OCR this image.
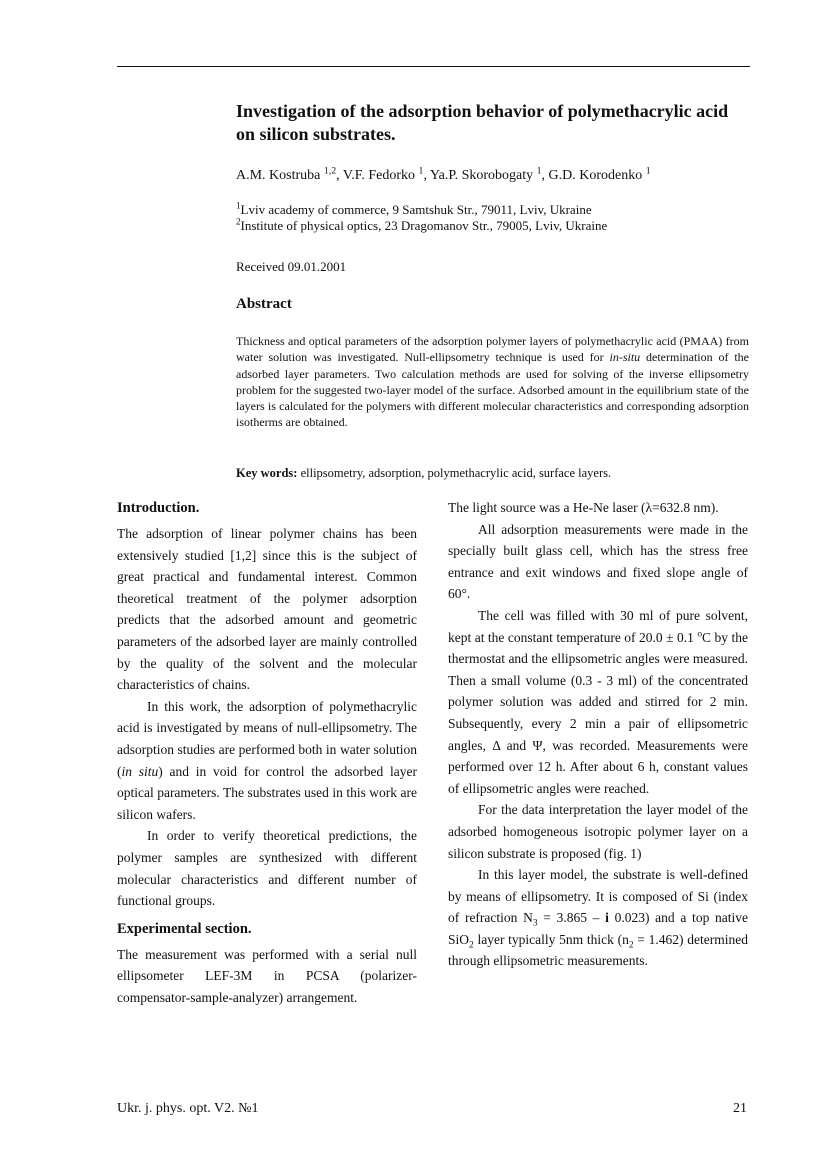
Investigation of the adsorption behavior of polymethacrylic acid on silicon substrates.
A.M. Kostruba $^{1,2}$, V.F. Fedorko $^1$, Ya.P. Skorobogaty $^1$, G.D. Korodenko $^1$
$^1$Lviv academy of commerce, 9 Samtshuk Str., 79011, Lviv, Ukraine
$^2$Institute of physical optics, 23 Dragomanov Str., 79005, Lviv, Ukraine
Received 09.01.2001
Abstract

Thickness and optical parameters of the adsorption polymer layers of polymethacrylic acid (PMAA) from water solution was investigated. Null-ellipsometry technique is used for in-situ determination of the adsorbed layer parameters. Two calculation methods are used for solving of the inverse ellipsometry problem for the suggested two-layer model of the surface. Adsorbed amount in the equilibrium state of the layers is calculated for the polymers with different molecular characteristics and corresponding adsorption isotherms are obtained.

Key words: ellipsometry, adsorption, polymethacrylic acid, surface layers.

Introduction.

The adsorption of linear polymer chains has been extensively studied [1,2] since this is the subject of great practical and fundamental interest. Common theoretical treatment of the polymer adsorption predicts that the adsorbed amount and geometric parameters of the adsorbed layer are mainly controlled by the quality of the solvent and the molecular characteristics of chains.

In this work, the adsorption of polymethacrylic acid is investigated by means of null-ellipsometry. The adsorption studies are performed both in water solution (in situ) and in void for control the adsorbed layer optical parameters. The substrates used in this work are silicon wafers.

In order to verify theoretical predictions, the polymer samples are synthesized with different molecular characteristics and different number of functional groups.

Experimental section.

The measurement was performed with a serial null ellipsometer LEF-3M in PCSA (polarizer-compensator-sample-analyzer) arrangement.

The light source was a He-Ne laser (λ=632.8 nm).

All adsorption measurements were made in the specially built glass cell, which has the stress free entrance and exit windows and fixed slope angle of 60°.

The cell was filled with 30 ml of pure solvent, kept at the constant temperature of 20.0 ± 0.1 $^o$C by the thermostat and the ellipsometric angles were measured. Then a small volume (0.3 - 3 ml) of the concentrated polymer solution was added and stirred for 2 min. Subsequently, every 2 min a pair of ellipsometric angles, Δ and Ψ, was recorded. Measurements were performed over 12 h. After about 6 h, constant values of ellipsometric angles were reached.

For the data interpretation the layer model of the adsorbed homogeneous isotropic polymer layer on a silicon substrate is proposed (fig. 1)

In this layer model, the substrate is well-defined by means of ellipsometry. It is composed of Si (index of refraction $N_3 = 3.865 - i$ 0.023) and a top native SiO$_2$ layer typically 5nm thick $(n_2 = 1.462)$ determined through ellipsometric measurements.

Ukr. j. phys. opt. V2. №1	21
